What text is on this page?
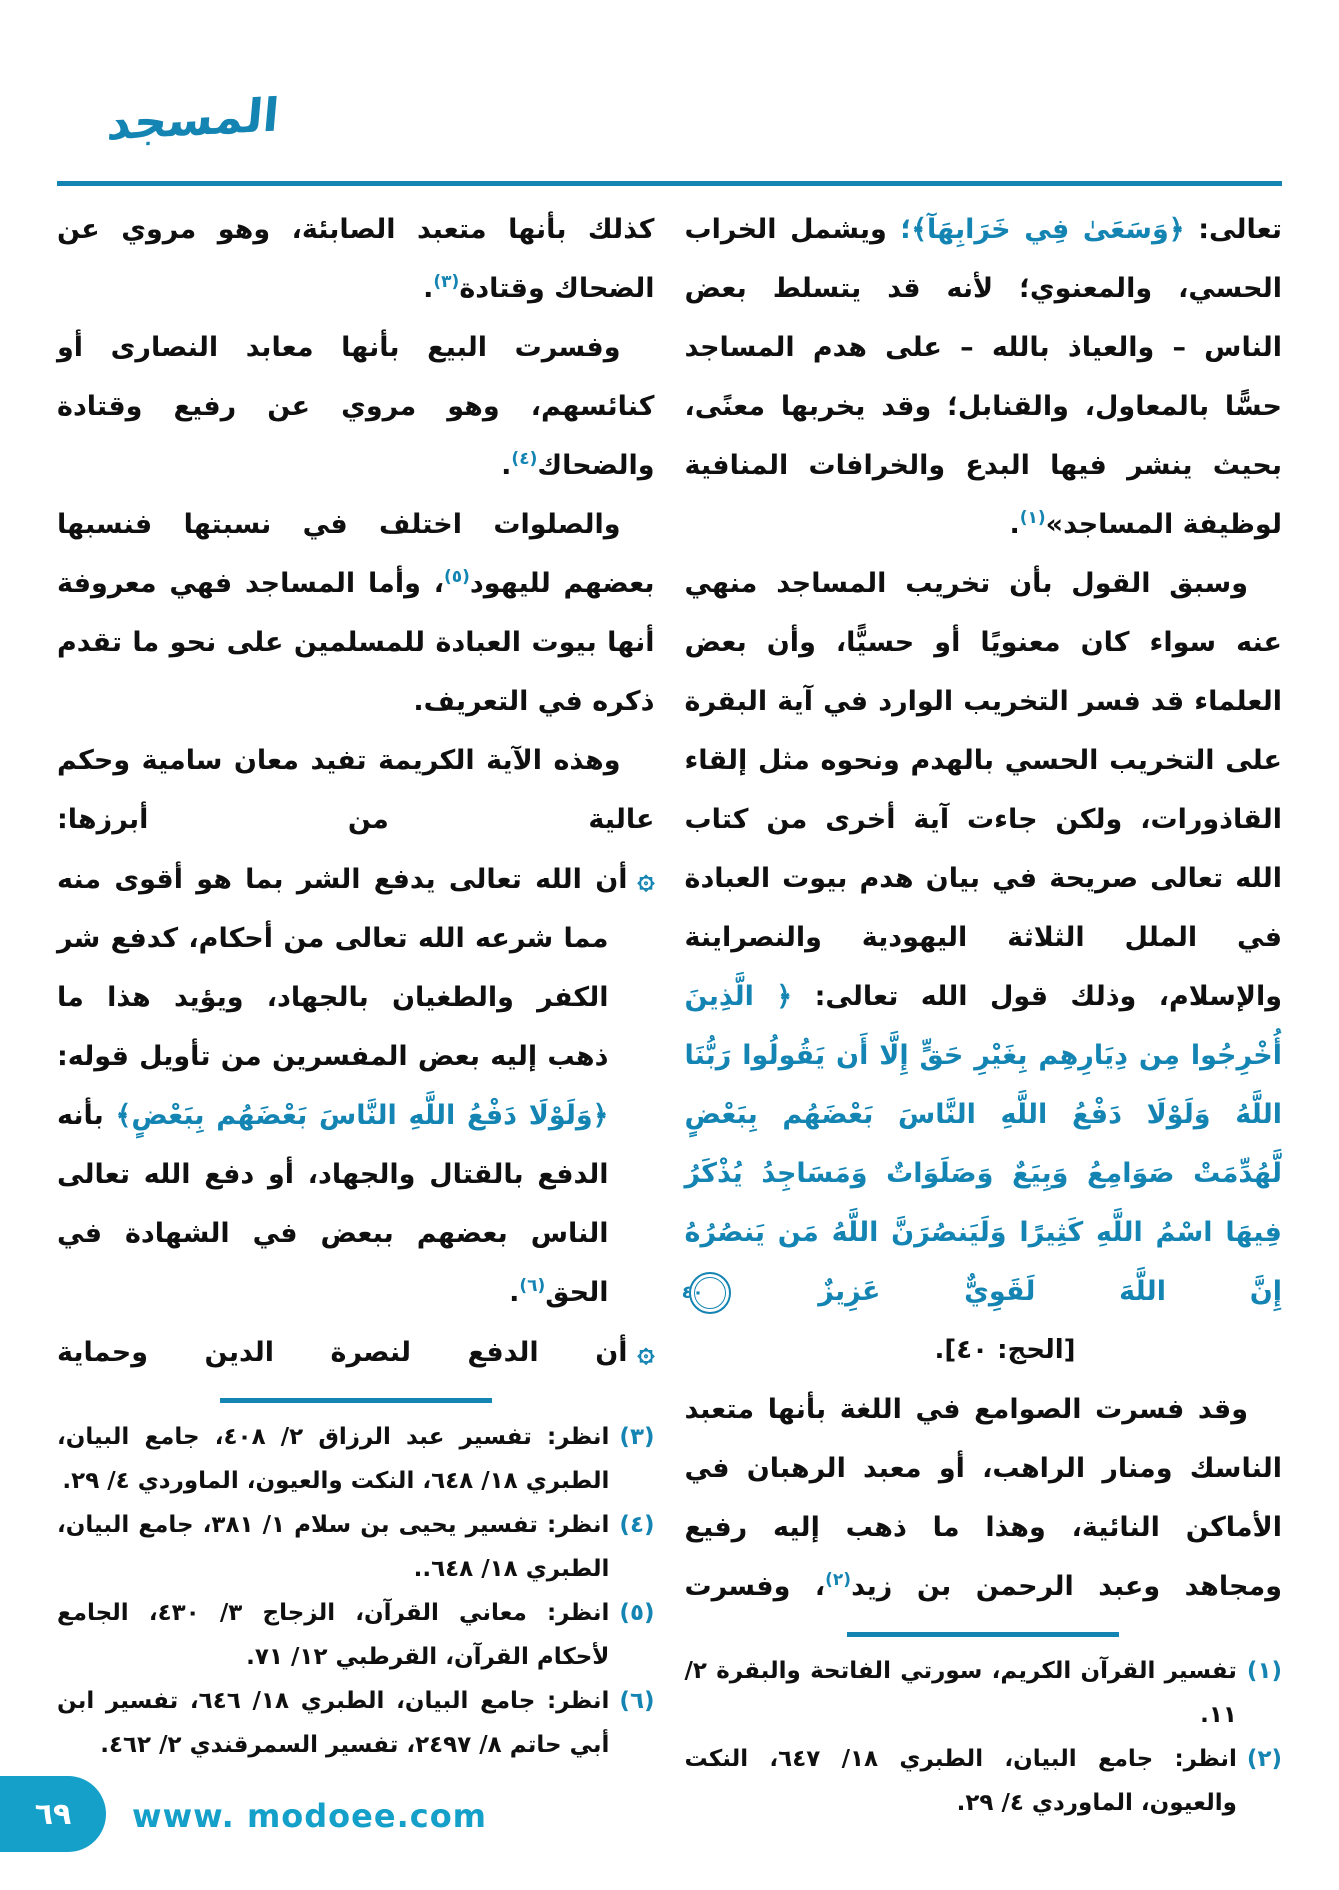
المسجد

تعالى: ﴿وَسَعَىٰ فِي خَرَابِهَآ﴾؛ ويشمل الخراب الحسي، والمعنوي؛ لأنه قد يتسلط بعض الناس – والعياذ بالله – على هدم المساجد حسًّا بالمعاول، والقنابل؛ وقد يخربها معنًى، بحيث ينشر فيها البدع والخرافات المنافية لوظيفة المساجد»$^{(١)}$.

وسبق القول بأن تخريب المساجد منهي عنه سواء كان معنويًا أو حسيًّا، وأن بعض العلماء قد فسر التخريب الوارد في آية البقرة على التخريب الحسي بالهدم ونحوه مثل إلقاء القاذورات، ولكن جاءت آية أخرى من كتاب الله تعالى صريحة في بيان هدم بيوت العبادة في الملل الثلاثة اليهودية والنصراينة والإسلام، وذلك قول الله تعالى: ﴿ الَّذِينَ أُخْرِجُوا مِن دِيَارِهِم بِغَيْرِ حَقٍّ إِلَّا أَن يَقُولُوا رَبُّنَا اللَّهُ وَلَوْلَا دَفْعُ اللَّهِ النَّاسَ بَعْضَهُم بِبَعْضٍ لَّهُدِّمَتْ صَوَامِعُ وَبِيَعٌ وَصَلَوَاتٌ وَمَسَاجِدُ يُذْكَرُ فِيهَا اسْمُ اللَّهِ كَثِيرًا وَلَيَنصُرَنَّ اللَّهُ مَن يَنصُرُهُ إِنَّ اللَّهَ لَقَوِيٌّ عَزِيزٌ ٤٠

[الحج: ٤٠].

وقد فسرت الصوامع في اللغة بأنها متعبد الناسك ومنار الراهب، أو معبد الرهبان في الأماكن النائية، وهذا ما ذهب إليه رفيع ومجاهد وعبد الرحمن بن زيد$^{(٢)}$، وفسرت

(١)
تفسير القرآن الكريم، سورتي الفاتحة والبقرة ٢/ ١١.
(٢)
انظر: جامع البيان، الطبري ١٨/ ٦٤٧، النكت والعيون، الماوردي ٤/ ٢٩.

كذلك بأنها متعبد الصابئة، وهو مروي عن الضحاك وقتادة$^{(٣)}$.

وفسرت البيع بأنها معابد النصارى أو كنائسهم، وهو مروي عن رفيع وقتادة والضحاك$^{(٤)}$.

والصلوات اختلف في نسبتها فنسبها بعضهم لليهود$^{(٥)}$، وأما المساجد فهي معروفة أنها بيوت العبادة للمسلمين على نحو ما تقدم ذكره في التعريف.

وهذه الآية الكريمة تفيد معان سامية وحكم عالية من أبرزها:

۞أن الله تعالى يدفع الشر بما هو أقوى منه مما شرعه الله تعالى من أحكام، كدفع شر الكفر والطغيان بالجهاد، ويؤيد هذا ما ذهب إليه بعض المفسرين من تأويل قوله: ﴿وَلَوْلَا دَفْعُ اللَّهِ النَّاسَ بَعْضَهُم بِبَعْضٍ﴾ بأنه الدفع بالقتال والجهاد، أو دفع الله تعالى الناس بعضهم ببعض في الشهادة في الحق$^{(٦)}$.

۞أن الدفع لنصرة الدين وحماية

(٣)
انظر: تفسير عبد الرزاق ٢/ ٤٠٨، جامع البيان، الطبري ١٨/ ٦٤٨، النكت والعيون، الماوردي ٤/ ٢٩.
(٤)
انظر: تفسير يحيى بن سلام ١/ ٣٨١، جامع البيان، الطبري ١٨/ ٦٤٨..
(٥)
انظر: معاني القرآن، الزجاج ٣/ ٤٣٠، الجامع لأحكام القرآن، القرطبي ١٢/ ٧١.
(٦)
انظر: جامع البيان، الطبري ١٨/ ٦٤٦، تفسير ابن أبي حاتم ٨/ ٢٤٩٧، تفسير السمرقندي ٢/ ٤٦٢.
٦٩ www. modoee.com
